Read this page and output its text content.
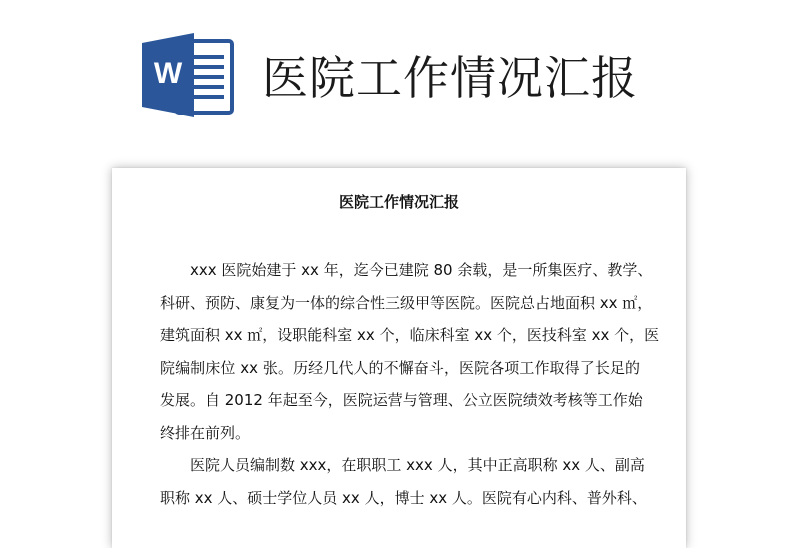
W 医院工作情况汇报
医院工作情况汇报
xxx 医院始建于 xx 年，迄今已建院 80 余载，是一所集医疗、教学、
科研、预防、康复为一体的综合性三级甲等医院。医院总占地面积 xx ㎡，
建筑面积 xx ㎡，设职能科室 xx 个，临床科室 xx 个，医技科室 xx 个，医
院编制床位 xx 张。历经几代人的不懈奋斗，医院各项工作取得了长足的
发展。自 2012 年起至今，医院运营与管理、公立医院绩效考核等工作始
终排在前列。
医院人员编制数 xxx，在职职工 xxx 人，其中正高职称 xx 人、副高
职称 xx 人、硕士学位人员 xx 人，博士 xx 人。医院有心内科、普外科、
